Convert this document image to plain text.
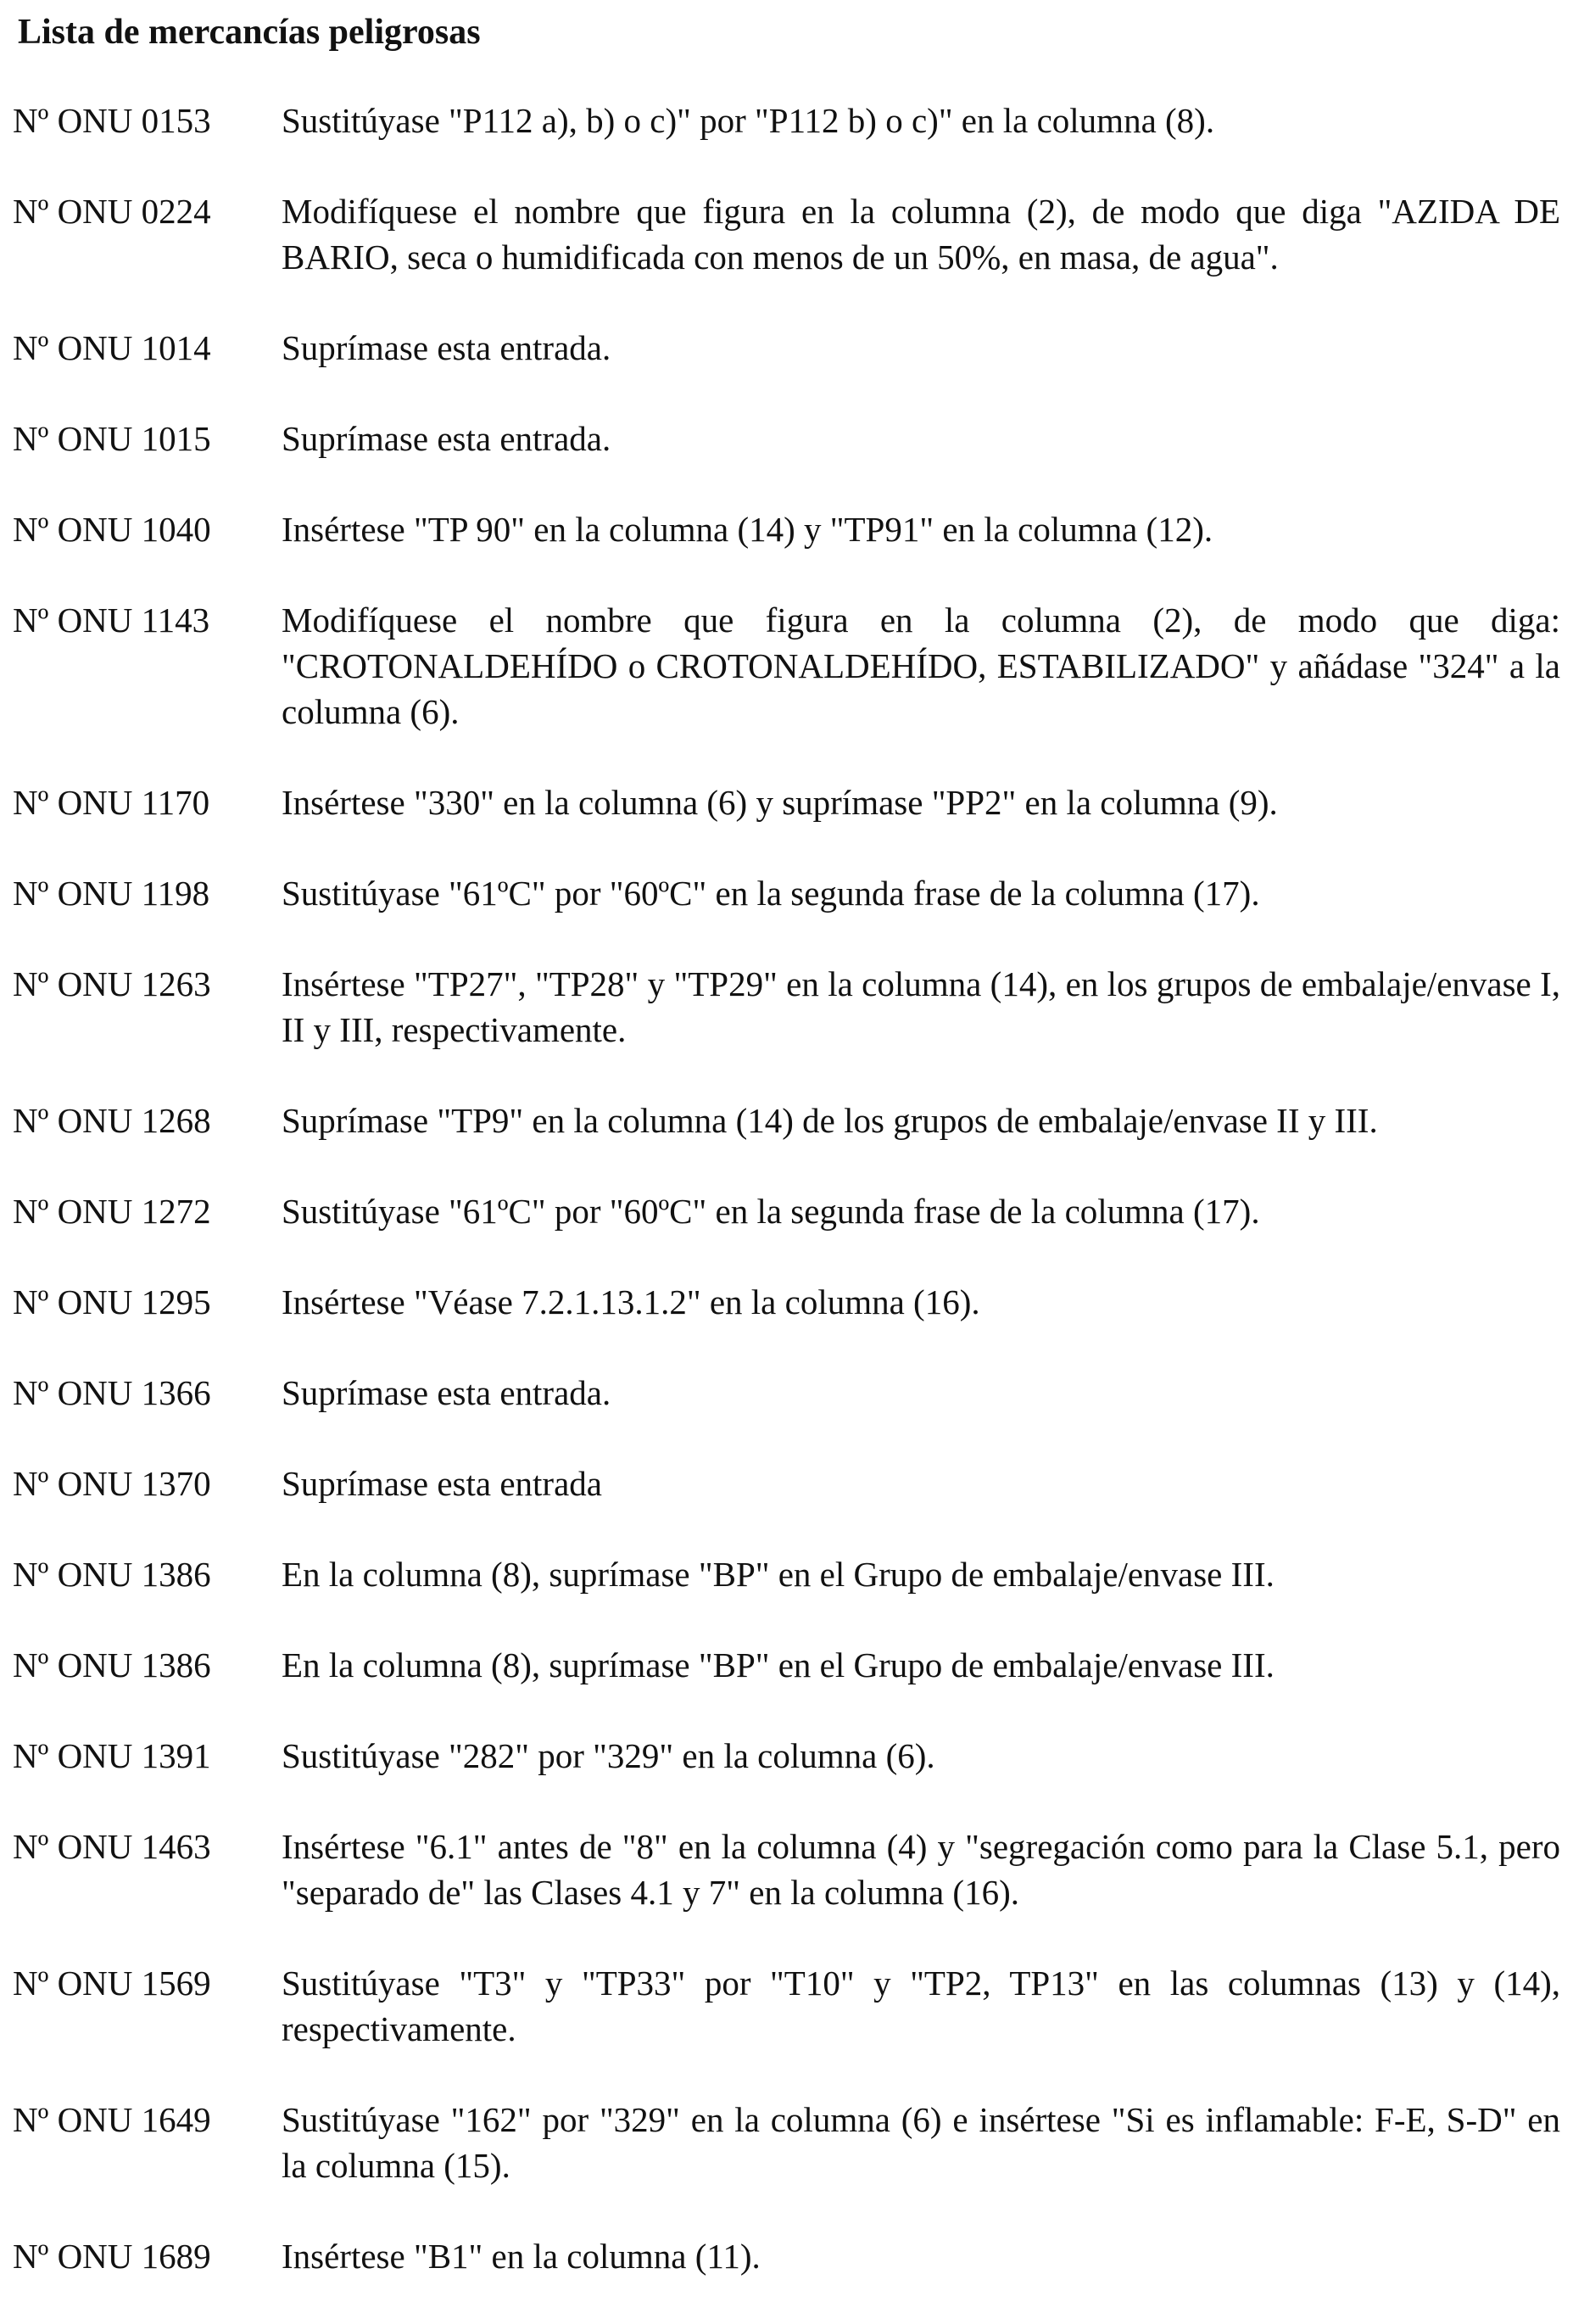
Lista de mercancías peligrosas
Nº ONU 0153	Sustitúyase "P112 a), b) o c)" por "P112 b) o c)" en la columna (8).
Nº ONU 0224	Modifíquese el nombre que figura en la columna (2), de modo que diga "AZIDA DE BARIO, seca o humidificada con menos de un 50%, en masa, de agua".
Nº ONU 1014	Suprímase esta entrada.
Nº ONU 1015	Suprímase esta entrada.
Nº ONU 1040	Insértese "TP 90" en la columna (14) y "TP91" en la columna (12).
Nº ONU 1143	Modifíquese el nombre que figura en la columna (2), de modo que diga: "CROTONALDEHÍDO o CROTONALDEHÍDO, ESTABILIZADO" y añádase "324" a la columna (6).
Nº ONU 1170	Insértese "330" en la columna (6) y suprímase "PP2" en la columna (9).
Nº ONU 1198	Sustitúyase "61ºC" por "60ºC" en la segunda frase de la columna (17).
Nº ONU 1263	Insértese "TP27", "TP28" y "TP29" en la columna (14), en los grupos de embalaje/envase I, II y III, respectivamente.
Nº ONU 1268	Suprímase "TP9" en la columna (14) de los grupos de embalaje/envase II y III.
Nº ONU 1272	Sustitúyase "61ºC" por "60ºC" en la segunda frase de la columna (17).
Nº ONU 1295	Insértese "Véase 7.2.1.13.1.2" en la columna (16).
Nº ONU 1366	Suprímase esta entrada.
Nº ONU 1370	Suprímase esta entrada
Nº ONU 1386	En la columna (8), suprímase "BP" en el Grupo de embalaje/envase III.
Nº ONU 1386	En la columna (8), suprímase "BP" en el Grupo de embalaje/envase III.
Nº ONU 1391	Sustitúyase "282" por "329" en la columna (6).
Nº ONU 1463	Insértese "6.1" antes de "8" en la columna (4) y "segregación como para la Clase 5.1, pero "separado de" las Clases 4.1 y 7" en la columna (16).
Nº ONU 1569	Sustitúyase "T3" y "TP33" por "T10" y "TP2, TP13" en las columnas (13) y (14), respectivamente.
Nº ONU 1649	Sustitúyase "162" por "329" en la columna (6) e insértese "Si es inflamable: F-E, S-D" en la columna (15).
Nº ONU 1689	Insértese "B1" en la columna (11).
